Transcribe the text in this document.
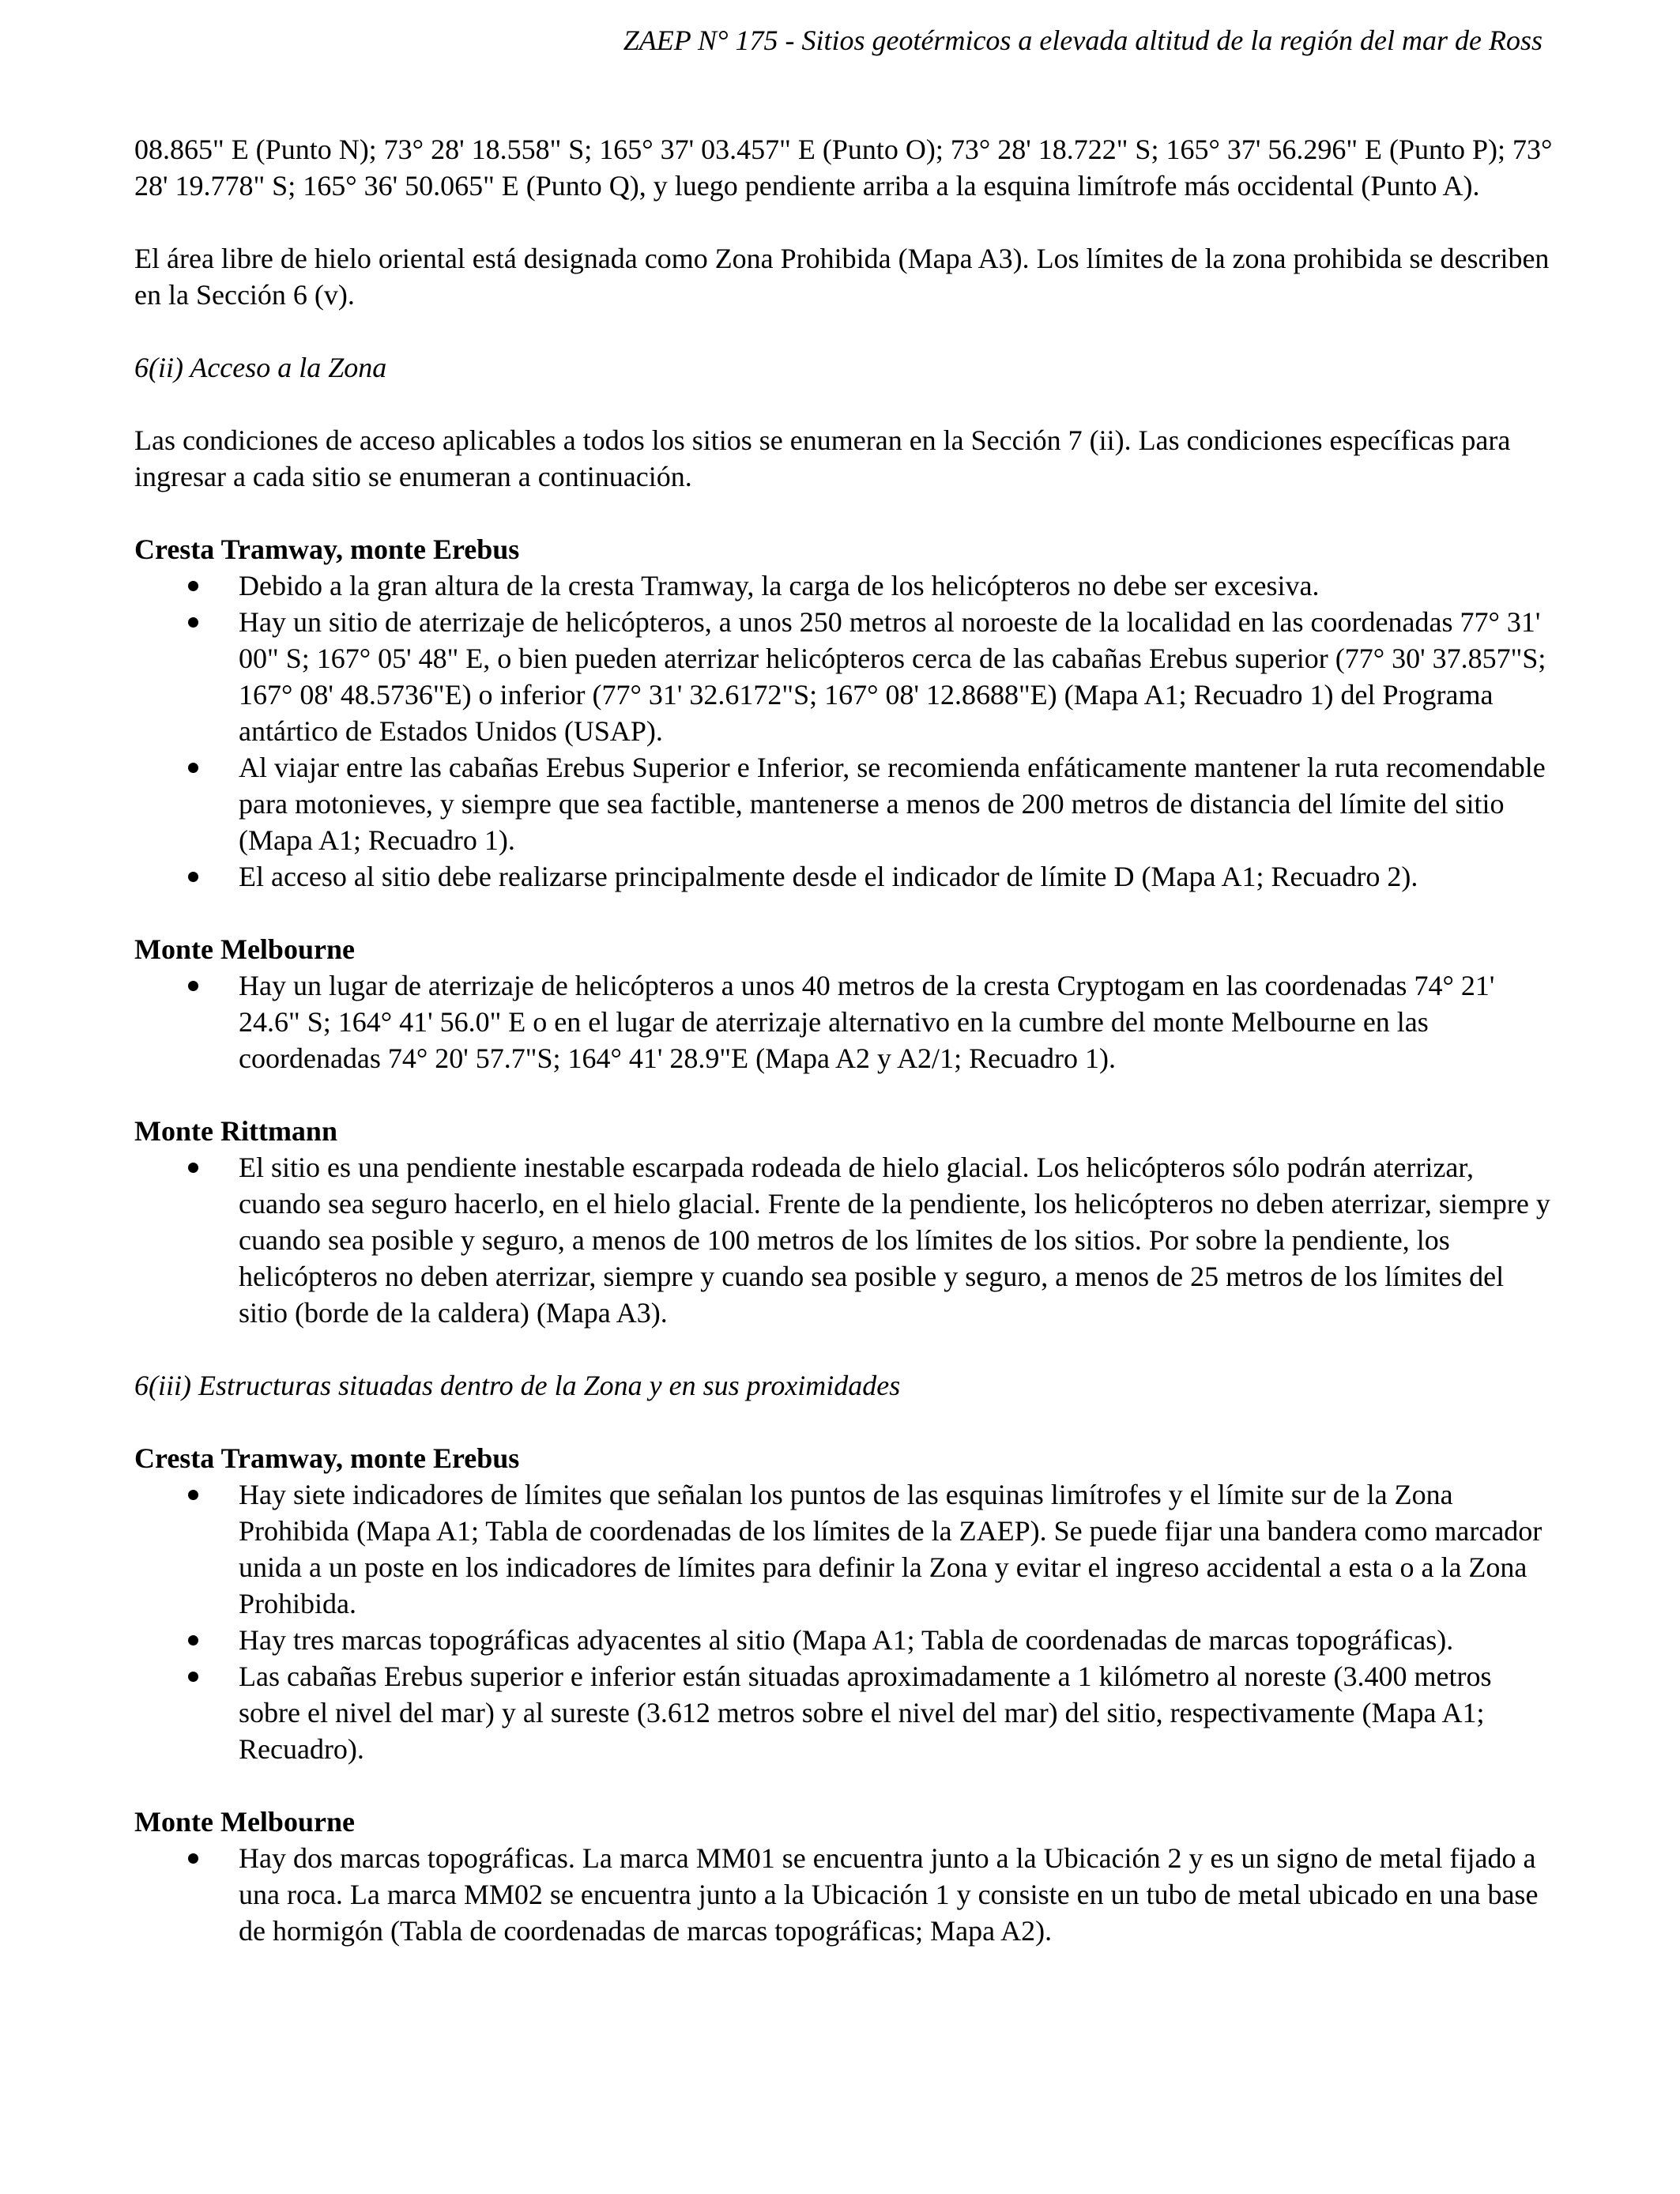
ZAEP N° 175 - Sitios geotérmicos a elevada altitud de la región del mar de Ross

08.865" E (Punto N); 73° 28' 18.558" S; 165° 37' 03.457" E (Punto O); 73° 28' 18.722" S; 165° 37' 56.296" E (Punto P); 73° 28' 19.778" S; 165° 36' 50.065" E (Punto Q), y luego pendiente arriba a la esquina limítrofe más occidental (Punto A).

El área libre de hielo oriental está designada como Zona Prohibida (Mapa A3). Los límites de la zona prohibida se describen en la Sección 6 (v).

6(ii) Acceso a la Zona

Las condiciones de acceso aplicables a todos los sitios se enumeran en la Sección 7 (ii). Las condiciones específicas para ingresar a cada sitio se enumeran a continuación.

Cresta Tramway, monte Erebus

Debido a la gran altura de la cresta Tramway, la carga de los helicópteros no debe ser excesiva.
Hay un sitio de aterrizaje de helicópteros, a unos 250 metros al noroeste de la localidad en las coordenadas 77° 31' 00" S; 167° 05' 48" E, o bien pueden aterrizar helicópteros cerca de las cabañas Erebus superior (77° 30' 37.857"S; 167° 08' 48.5736"E) o inferior (77° 31' 32.6172"S; 167° 08' 12.8688"E) (Mapa A1; Recuadro 1) del Programa antártico de Estados Unidos (USAP).
Al viajar entre las cabañas Erebus Superior e Inferior, se recomienda enfáticamente mantener la ruta recomendable para motonieves, y siempre que sea factible, mantenerse a menos de 200 metros de distancia del límite del sitio (Mapa A1; Recuadro 1).
El acceso al sitio debe realizarse principalmente desde el indicador de límite D (Mapa A1; Recuadro 2).

Monte Melbourne

Hay un lugar de aterrizaje de helicópteros a unos 40 metros de la cresta Cryptogam en las coordenadas 74° 21' 24.6" S; 164° 41' 56.0" E o en el lugar de aterrizaje alternativo en la cumbre del monte Melbourne en las coordenadas 74° 20' 57.7"S; 164° 41' 28.9"E (Mapa A2 y A2/1; Recuadro 1).

Monte Rittmann

El sitio es una pendiente inestable escarpada rodeada de hielo glacial. Los helicópteros sólo podrán aterrizar, cuando sea seguro hacerlo, en el hielo glacial. Frente de la pendiente, los helicópteros no deben aterrizar, siempre y cuando sea posible y seguro, a menos de 100 metros de los límites de los sitios. Por sobre la pendiente, los helicópteros no deben aterrizar, siempre y cuando sea posible y seguro, a menos de 25 metros de los límites del sitio (borde de la caldera) (Mapa A3).

6(iii) Estructuras situadas dentro de la Zona y en sus proximidades

Cresta Tramway, monte Erebus

Hay siete indicadores de límites que señalan los puntos de las esquinas limítrofes y el límite sur de la Zona Prohibida (Mapa A1; Tabla de coordenadas de los límites de la ZAEP). Se puede fijar una bandera como marcador unida a un poste en los indicadores de límites para definir la Zona y evitar el ingreso accidental a esta o a la Zona Prohibida.
Hay tres marcas topográficas adyacentes al sitio (Mapa A1; Tabla de coordenadas de marcas topográficas).
Las cabañas Erebus superior e inferior están situadas aproximadamente a 1 kilómetro al noreste (3.400 metros sobre el nivel del mar) y al sureste (3.612 metros sobre el nivel del mar) del sitio, respectivamente (Mapa A1; Recuadro).

Monte Melbourne

Hay dos marcas topográficas. La marca MM01 se encuentra junto a la Ubicación 2 y es un signo de metal fijado a una roca. La marca MM02 se encuentra junto a la Ubicación 1 y consiste en un tubo de metal ubicado en una base de hormigón (Tabla de coordenadas de marcas topográficas; Mapa A2).
